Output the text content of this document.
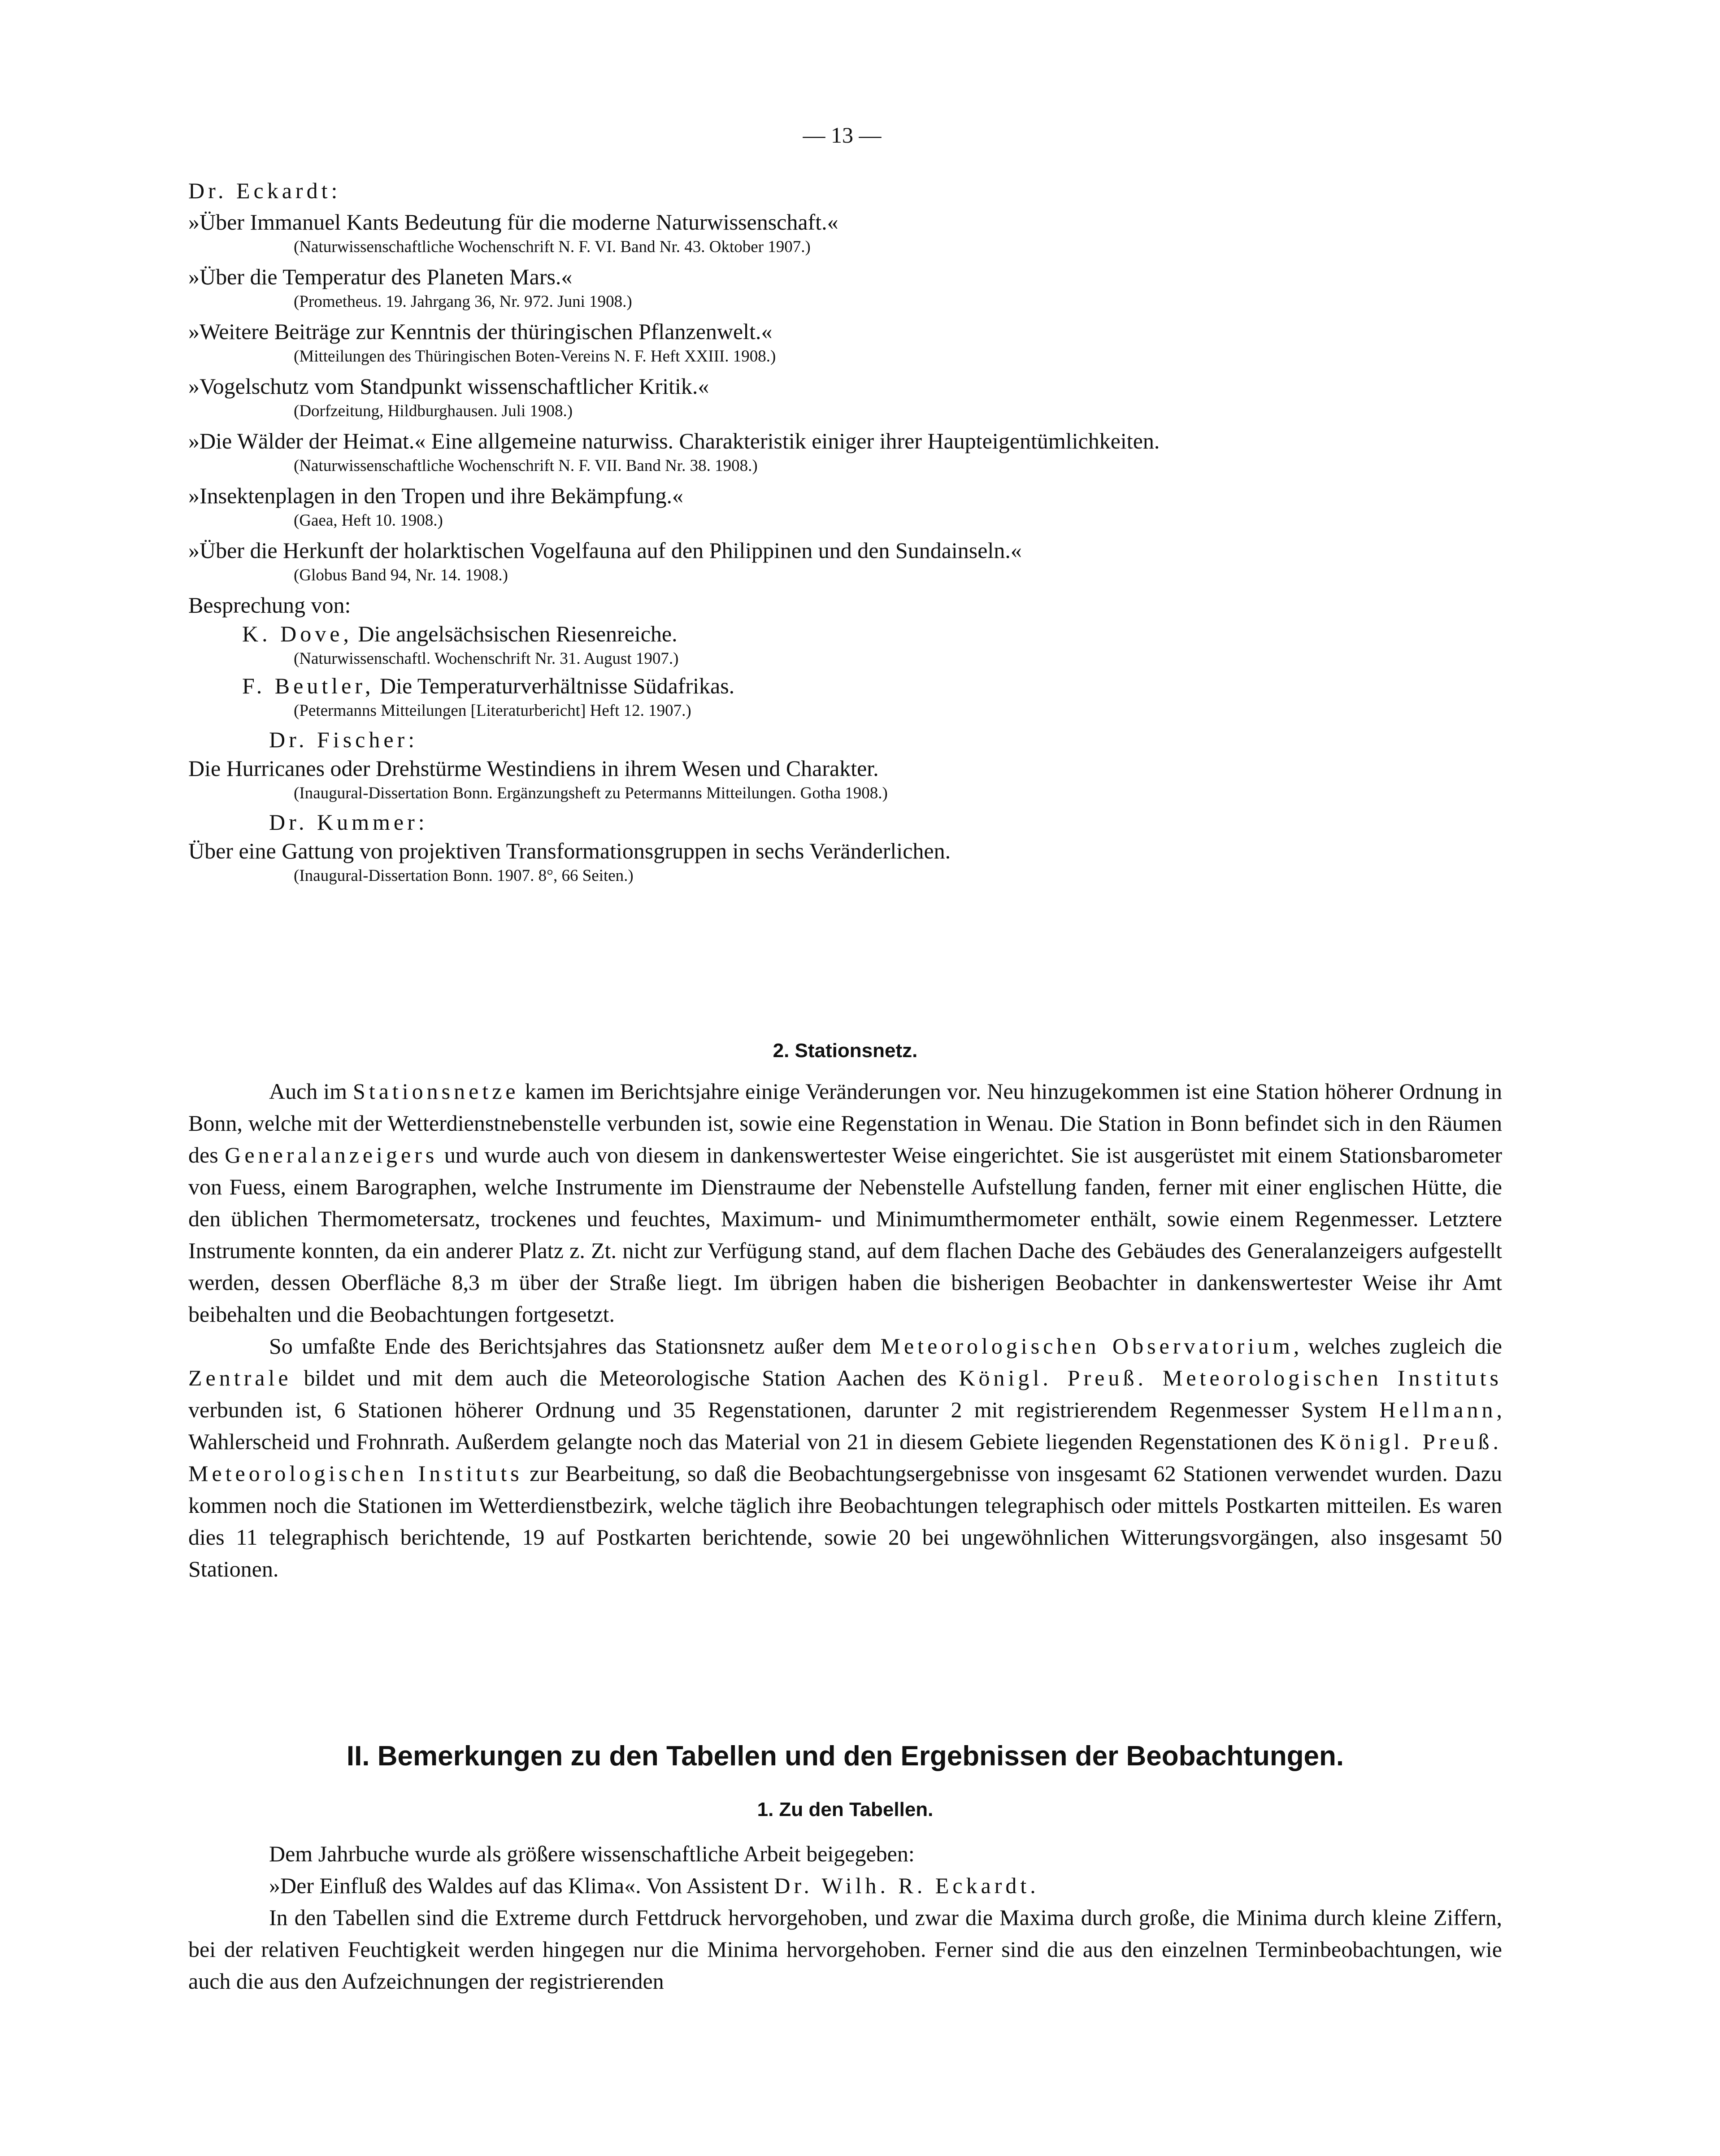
— 13 —
Dr. Eckardt:
»Über Immanuel Kants Bedeutung für die moderne Naturwissenschaft.«
(Naturwissenschaftliche Wochenschrift N. F. VI. Band Nr. 43. Oktober 1907.)
»Über die Temperatur des Planeten Mars.«
(Prometheus. 19. Jahrgang 36, Nr. 972. Juni 1908.)
»Weitere Beiträge zur Kenntnis der thüringischen Pflanzenwelt.«
(Mitteilungen des Thüringischen Boten-Vereins N. F. Heft XXIII. 1908.)
»Vogelschutz vom Standpunkt wissenschaftlicher Kritik.«
(Dorfzeitung, Hildburghausen. Juli 1908.)
»Die Wälder der Heimat.« Eine allgemeine naturwiss. Charakteristik einiger ihrer Haupteigentümlichkeiten.
(Naturwissenschaftliche Wochenschrift N. F. VII. Band Nr. 38. 1908.)
»Insektenplagen in den Tropen und ihre Bekämpfung.«
(Gaea, Heft 10. 1908.)
»Über die Herkunft der holarktischen Vogelfauna auf den Philippinen und den Sundainseln.«
(Globus Band 94, Nr. 14. 1908.)
Besprechung von:
K. Dove, Die angelsächsischen Riesenreiche.
(Naturwissenschaftl. Wochenschrift Nr. 31. August 1907.)
F. Beutler, Die Temperaturverhältnisse Südafrikas.
(Petermanns Mitteilungen [Literaturbericht] Heft 12. 1907.)
Dr. Fischer:
Die Hurricanes oder Drehstürme Westindiens in ihrem Wesen und Charakter.
(Inaugural-Dissertation Bonn. Ergänzungsheft zu Petermanns Mitteilungen. Gotha 1908.)
Dr. Kummer:
Über eine Gattung von projektiven Transformationsgruppen in sechs Veränderlichen.
(Inaugural-Dissertation Bonn. 1907. 8°, 66 Seiten.)
2. Stationsnetz.

Auch im Stationsnetze kamen im Berichtsjahre einige Veränderungen vor. Neu hinzugekommen ist eine Station höherer Ordnung in Bonn, welche mit der Wetterdienstnebenstelle verbunden ist, sowie eine Regenstation in Wenau. Die Station in Bonn befindet sich in den Räumen des Generalanzeigers und wurde auch von diesem in dankenswertester Weise eingerichtet. Sie ist ausgerüstet mit einem Stationsbarometer von Fuess, einem Barographen, welche Instrumente im Dienstraume der Nebenstelle Aufstellung fanden, ferner mit einer englischen Hütte, die den üblichen Thermometersatz, trockenes und feuchtes, Maximum- und Minimumthermometer enthält, sowie einem Regenmesser. Letztere Instrumente konnten, da ein anderer Platz z. Zt. nicht zur Verfügung stand, auf dem flachen Dache des Gebäudes des Generalanzeigers aufgestellt werden, dessen Oberfläche 8,3 m über der Straße liegt. Im übrigen haben die bisherigen Beobachter in dankenswertester Weise ihr Amt beibehalten und die Beobachtungen fortgesetzt.

So umfaßte Ende des Berichtsjahres das Stationsnetz außer dem Meteorologischen Observatorium, welches zugleich die Zentrale bildet und mit dem auch die Meteorologische Station Aachen des Königl. Preuß. Meteorologischen Instituts verbunden ist, 6 Stationen höherer Ordnung und 35 Regenstationen, darunter 2 mit registrierendem Regenmesser System Hellmann, Wahlerscheid und Frohnrath. Außerdem gelangte noch das Material von 21 in diesem Gebiete liegenden Regenstationen des Königl. Preuß. Meteorologischen Instituts zur Bearbeitung, so daß die Beobachtungsergebnisse von insgesamt 62 Stationen verwendet wurden. Dazu kommen noch die Stationen im Wetterdienstbezirk, welche täglich ihre Beobachtungen telegraphisch oder mittels Postkarten mitteilen. Es waren dies 11 telegraphisch berichtende, 19 auf Postkarten berichtende, sowie 20 bei ungewöhnlichen Witterungsvorgängen, also insgesamt 50 Stationen.

II. Bemerkungen zu den Tabellen und den Ergebnissen der Beobachtungen.
1. Zu den Tabellen.
Dem Jahrbuche wurde als größere wissenschaftliche Arbeit beigegeben:
»Der Einfluß des Waldes auf das Klima«. Von Assistent Dr. Wilh. R. Eckardt.

In den Tabellen sind die Extreme durch Fettdruck hervorgehoben, und zwar die Maxima durch große, die Minima durch kleine Ziffern, bei der relativen Feuchtigkeit werden hingegen nur die Minima hervorgehoben. Ferner sind die aus den einzelnen Terminbeobachtungen, wie auch die aus den Aufzeichnungen der registrierenden
